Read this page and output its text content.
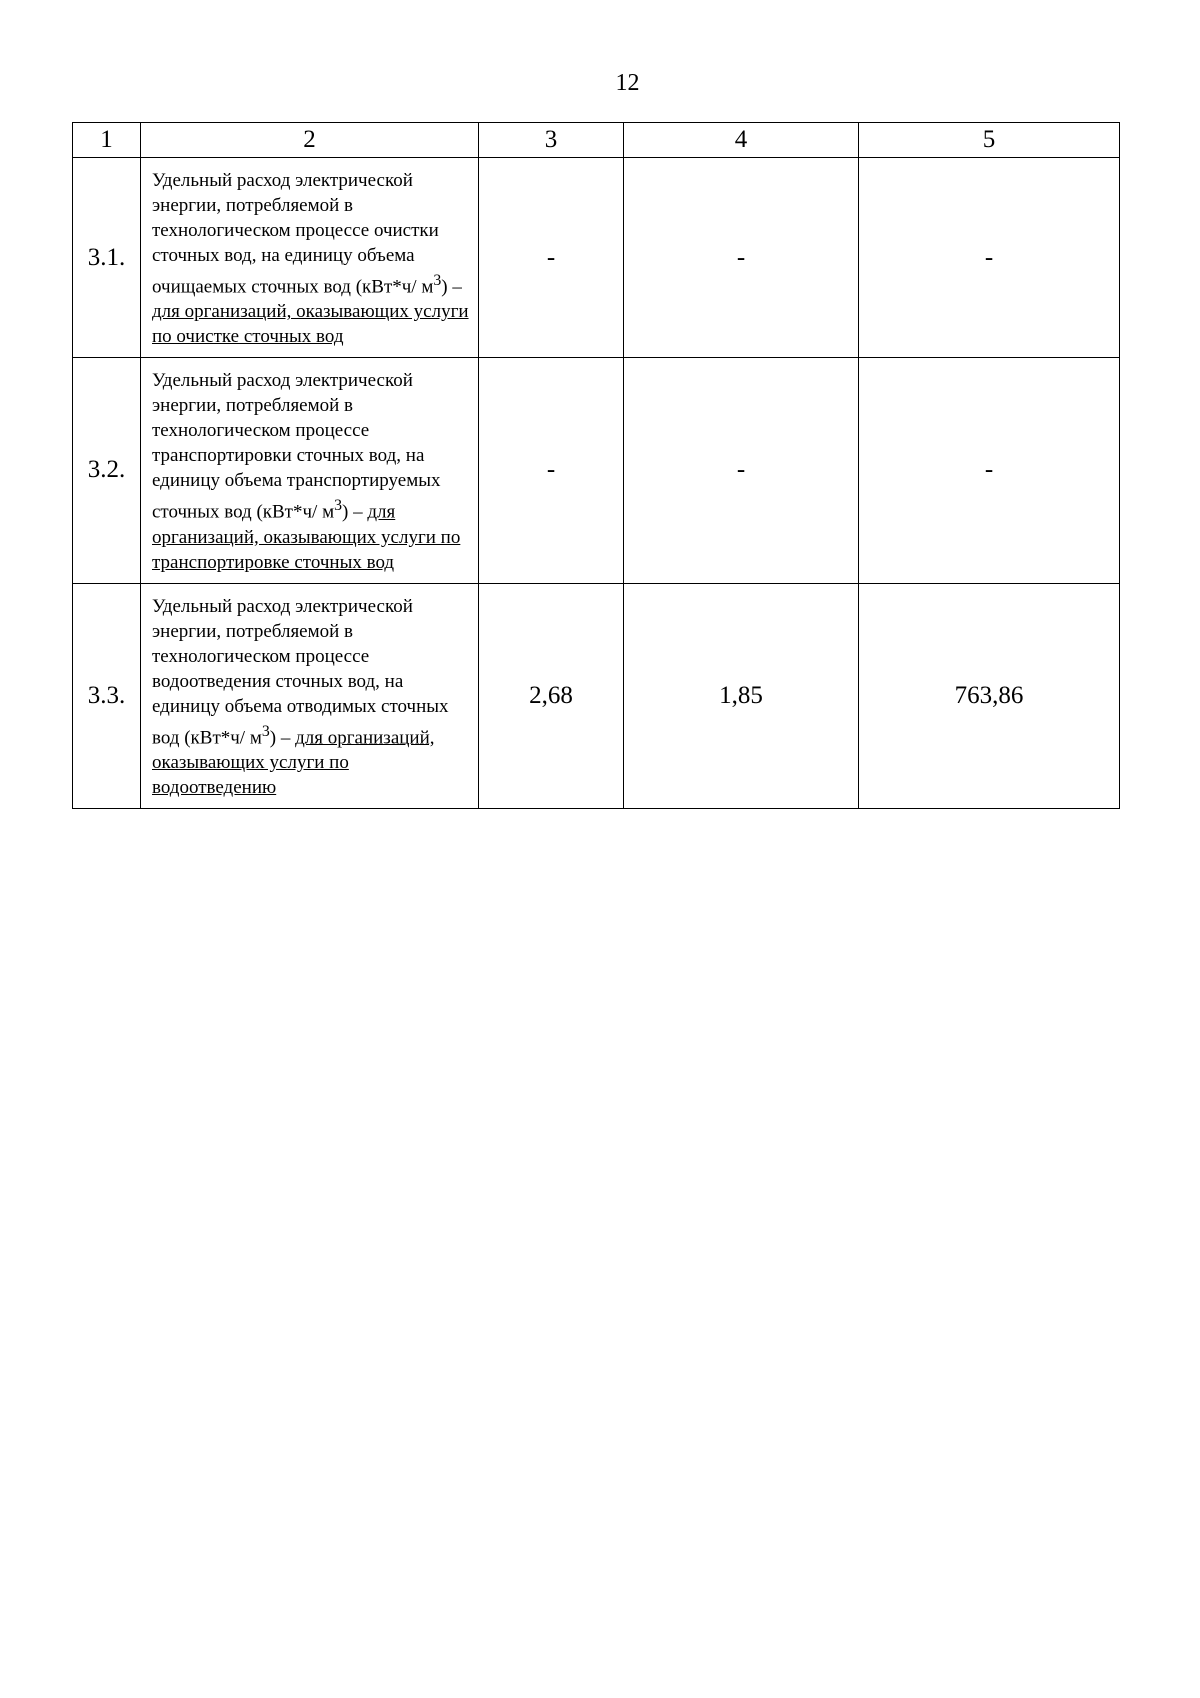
12
1	2	3	4	5
3.1.	Удельный расход электрической энергии, потребляемой в технологическом процессе очистки сточных вод, на единицу объема очищаемых сточных вод (кВт*ч/ $м^3$) – для организаций, оказывающих услуги по очистке сточных вод	-	-	-
3.2.	Удельный расход электрической энергии, потребляемой в технологическом процессе транспортировки сточных вод, на единицу объема транспортируемых сточных вод (кВт*ч/ $м^3$) – для организаций, оказывающих услуги по транспортировке сточных вод	-	-	-
3.3.	Удельный расход электрической энергии, потребляемой в технологическом процессе водоотведения сточных вод, на единицу объема отводимых сточных вод (кВт*ч/ $м^3$) – для организаций, оказывающих услуги по водоотведению	2,68	1,85	763,86
